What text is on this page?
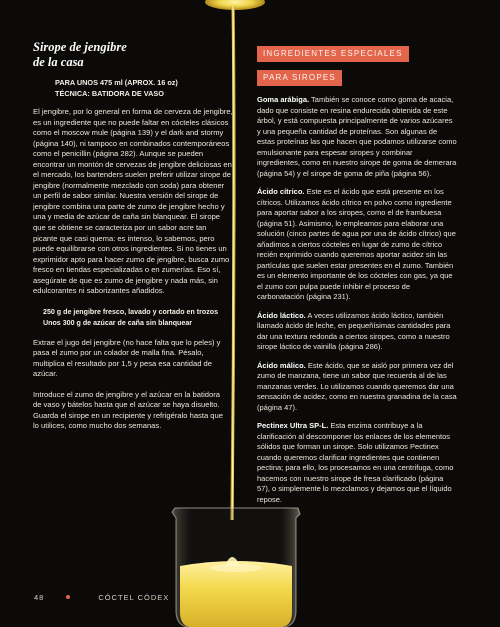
Sirope de jengibre
de la casa
PARA UNOS 475 ml (APROX. 16 oz)
TÉCNICA: BATIDORA DE VASO

El jengibre, por lo general en forma de cerveza de jengibre, es un ingrediente que no puede faltar en cócteles clásicos como el moscow mule (página 139) y el dark and stormy (página 140), ni tampoco en combinados contemporáneos como el penicillin (página 282). Aunque se pueden encontrar un montón de cervezas de jengibre deliciosas en el mercado, los bartenders suelen preferir utilizar sirope de jengibre (normalmente mezclado con soda) para obtener un perfil de sabor similar. Nuestra versión del sirope de jengibre combina una parte de zumo de jengibre hecho y una y media de azúcar de caña sin blanquear. El sirope que se obtiene se caracteriza por un sabor acre tan picante que casi quema: es intenso, lo sabemos, pero puede equilibrarse con otros ingredientes. Si no tienes un exprimidor apto para hacer zumo de jengibre, busca zumo fresco en tiendas especializadas o en zumerías. Eso sí, asegúrate de que es zumo de jengibre y nada más, sin edulcorantes ni saborizantes añadidos.

250 g de jengibre fresco, lavado y cortado en trozos
Unos 300 g de azúcar de caña sin blanquear

Extrae el jugo del jengibre (no hace falta que lo peles) y pasa el zumo por un colador de malla fina. Pésalo, multiplica el resultado por 1,5 y pesa esa cantidad de azúcar.

Introduce el zumo de jengibre y el azúcar en la batidora de vaso y bátelos hasta que el azúcar se haya disuelto. Guarda el sirope en un recipiente y refrigéralo hasta que lo utilices, como mucho dos semanas.

INGREDIENTES ESPECIALES
PARA SIROPES

Goma arábiga. También se conoce como goma de acacia, dado que consiste en resina endurecida obtenida de este árbol, y está compuesta principalmente de varios azúcares y una pequeña cantidad de proteínas. Son algunas de estas proteínas las que hacen que podamos utilizarse como emulsionante para espesar siropes y combinar ingredientes, como en nuestro sirope de goma de demerara (página 54) y el sirope de goma de piña (página 56).

Ácido cítrico. Este es el ácido que está presente en los cítricos. Utilizamos ácido cítrico en polvo como ingrediente para aportar sabor a los siropes, como el de frambuesa (página 51). Asimismo, lo empleamos para elaborar una solución (cinco partes de agua por una de ácido cítrico) que añadimos a ciertos cócteles en lugar de zumo de cítrico recién exprimido cuando queremos aportar acidez sin las partículas que suelen estar presentes en el zumo. También es un elemento importante de los cócteles con gas, ya que el zumo con pulpa puede inhibir el proceso de carbonatación (página 231).

Ácido láctico. A veces utilizamos ácido láctico, también llamado ácido de leche, en pequeñísimas cantidades para dar una textura redonda a ciertos siropes, como a nuestro sirope láctico de vainilla (página 286).

Ácido málico. Este ácido, que se aisló por primera vez del zumo de manzana, tiene un sabor que recuerda al de las manzanas verdes. Lo utilizamos cuando queremos dar una sensación de acidez, como en nuestra granadina de la casa (página 47).

Pectinex Ultra SP-L. Esta enzima contribuye a la clarificación al descomponer los enlaces de los elementos sólidos que forman un sirope. Solo utilizamos Pectinex cuando queremos clarificar ingredientes que contienen pectina; para ello, los procesamos en una centrifuga, como hacemos con nuestro sirope de fresa clarificado (página 57), o simplemente lo mezclamos y dejamos que el líquido repose.

48	CÓCTEL CÓDEX
